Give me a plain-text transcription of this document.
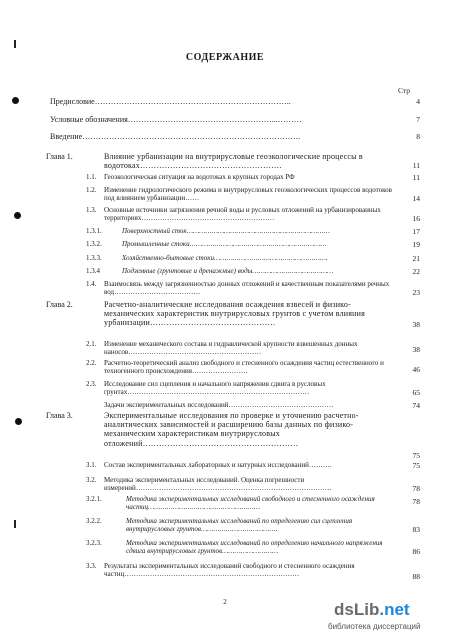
СОДЕРЖАНИЕ
Стр
Предисловие………………………………………………………………..	4
Условные обозначения………………………………………………...………	7
Введение……………………………………………………………………….	8
Глава 1.	Влияние урбанизации на внутрирусловые геоэкологические процессы в водотоках…………………………………………….	11
1.1. Геоэкологическая ситуация на водотоках в крупных городах РФ	11
1.2. Изменение гидрологического режима и внутрирусловых геоэкологических процессов водотоков под влиянием урбанизации……	14
1.3. Основные источники загрязнения речной воды и русловых отложений на урбанизированных территориях…………………………………………………	16
1.3.1.	Поверхностный сток……………………………………………………………	17
1.3.2.	Промышленные стоки…………………………………………………………	19
1.3.3.	Хозяйственно-бытовые стоки……………………………………………….	21
1.3.4	Подземные (грунтовые и дренажные) воды…………………………………	22
1.4. Взаимосвязь между загрязненностью донных отложений и качественным показателями речных вод……………………………….	23
Глава 2.	Расчетно-аналитические исследования осаждения взвесей и физико-механических характеристик внутрирусловых грунтов с учетом влияния урбанизации……………………………………….	38
2.1. Изменение механического состава и гидравлической крупности взвешенных донных наносов…………………………………………………	38
2.2. Расчетно-теоретический анализ свободного и стесненного осаждения частиц естественного и техногенного происхождения……………………	46
2.3. Исследование сил сцепления и начального напряжения сдвига в русловых грунтах……………………………………………………………………	65
Задачи экспериментальных исследований………………………………………	74
Глава 3.	Экспериментальные исследования по проверке и уточнению расчетно-аналитических зависимостей и расширению базы данных по физико-механическим характеристикам внутрирусловых отложений…………………………………………………
75
3.1. Состав экспериментальных лабораторных и натурных исследований……….	75
3.2. Методика экспериментальных исследований. Оценка погрешности измерений…………………………………………………………………………	78
3.2.1.	Методика экспериментальных исследований свободного и стесненного осаждения частиц………………………………………………
78
3.2.2.	Методика экспериментальных исследований по определению сил сцепления внутрирусловых грунтов……………………………….	83
3.2.3.	Методика экспериментальных исследований по определению начального напряжения сдвига внутрирусловых грунтов………………………	86
3.3. Результаты экспериментальных исследований свободного и стесненного осаждения частиц…………………………………………………………………	88
2	dsLib.net
библиотека диссертаций
